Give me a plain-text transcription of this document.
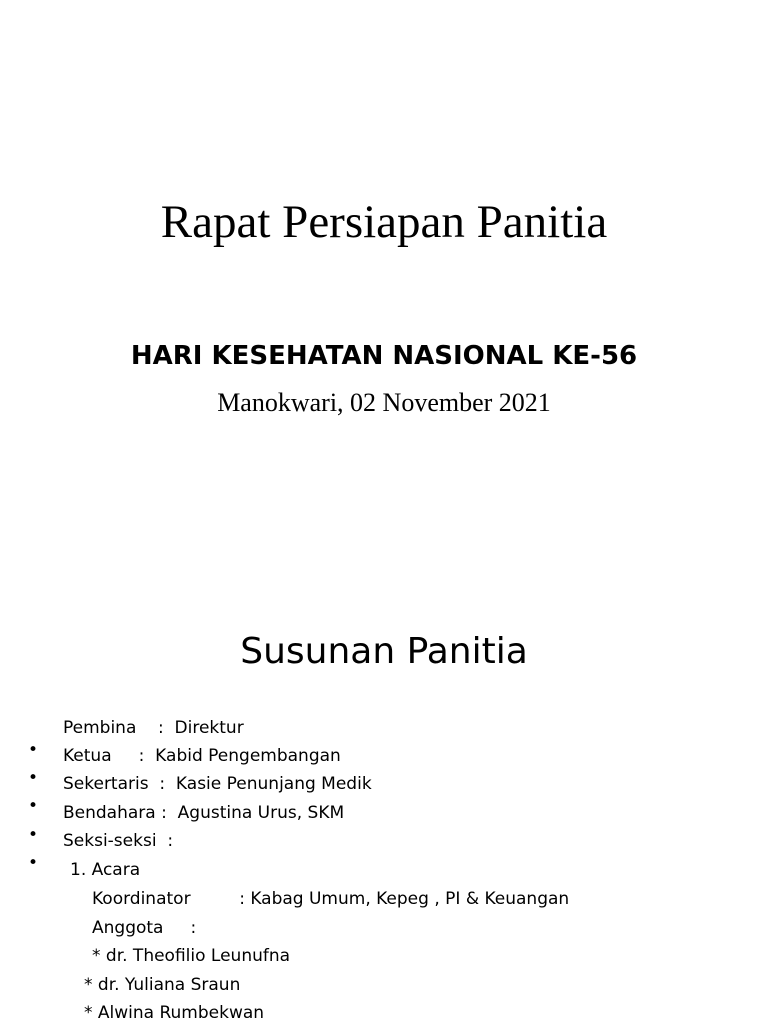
Rapat Persiapan Panitia
HARI KESEHATAN NASIONAL KE-56

Manokwari, 02 November 2021

Susunan Panitia

•

Pembina    :  Direktur

•

Ketua     :  Kabid Pengembangan

•

Sekertaris  :  Kasie Penunjang Medik

•

Bendahara :  Agustina Urus, SKM

•

Seksi-seksi  :

1. Acara
Koordinator         : Kabag Umum, Kepeg , PI & Keuangan
Anggota     :
* dr. Theofilio Leunufna
* dr. Yuliana Sraun
* Alwina Rumbekwan
